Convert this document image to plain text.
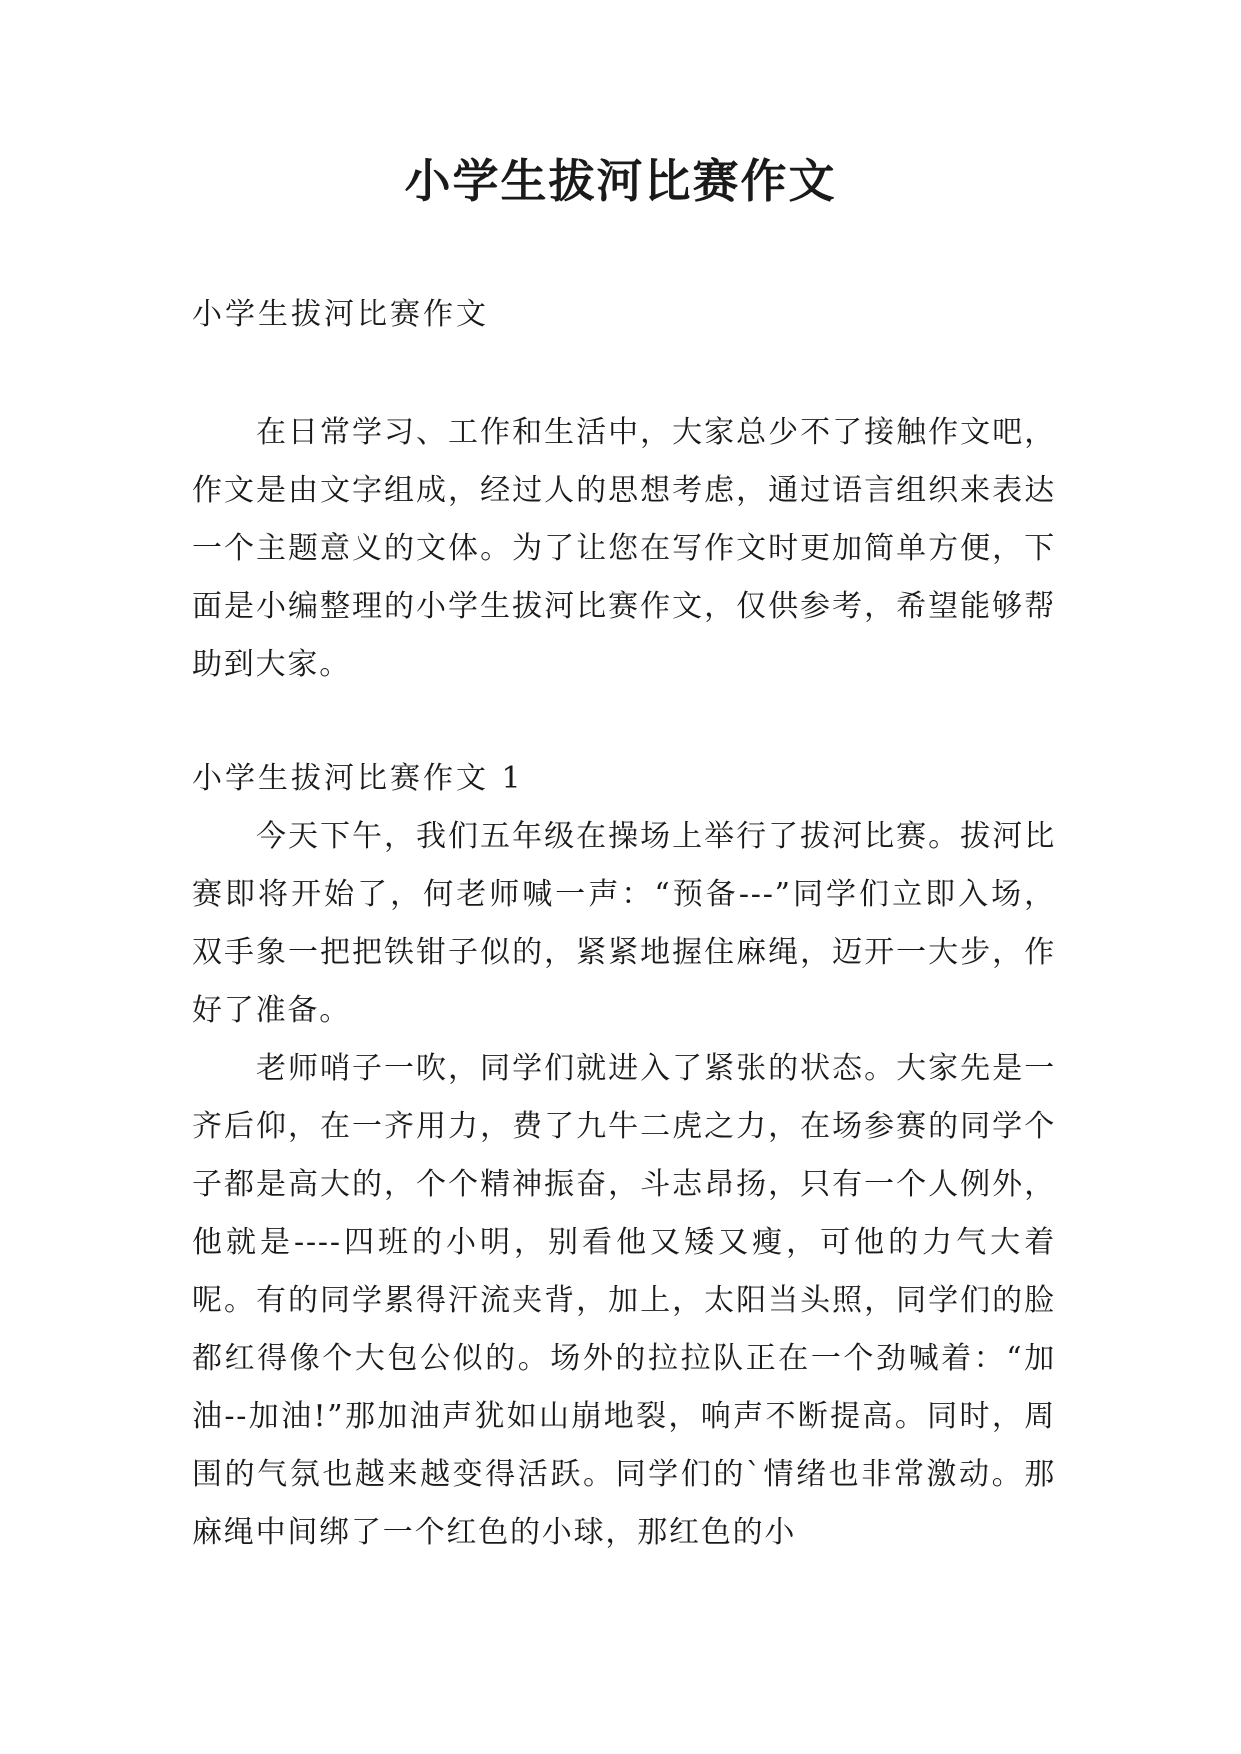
小学生拔河比赛作文

小学生拔河比赛作文

在日常学习、工作和生活中，大家总少不了接触作文吧，作文是由文字组成，经过人的思想考虑，通过语言组织来表达一个主题意义的文体。为了让您在写作文时更加简单方便，下面是小编整理的小学生拔河比赛作文，仅供参考，希望能够帮助到大家。

小学生拔河比赛作文 1

今天下午，我们五年级在操场上举行了拔河比赛。拔河比赛即将开始了，何老师喊一声：“预备---”同学们立即入场，双手象一把把铁钳子似的，紧紧地握住麻绳，迈开一大步，作好了准备。

老师哨子一吹，同学们就进入了紧张的状态。大家先是一齐后仰，在一齐用力，费了九牛二虎之力，在场参赛的同学个子都是高大的，个个精神振奋，斗志昂扬，只有一个人例外，他就是----四班的小明，别看他又矮又瘦，可他的力气大着呢。有的同学累得汗流夹背，加上，太阳当头照，同学们的脸都红得像个大包公似的。场外的拉拉队正在一个劲喊着：“加油--加油!”那加油声犹如山崩地裂，响声不断提高。同时，周围的气氛也越来越变得活跃。同学们的`情绪也非常激动。那麻绳中间绑了一个红色的小球，那红色的小
